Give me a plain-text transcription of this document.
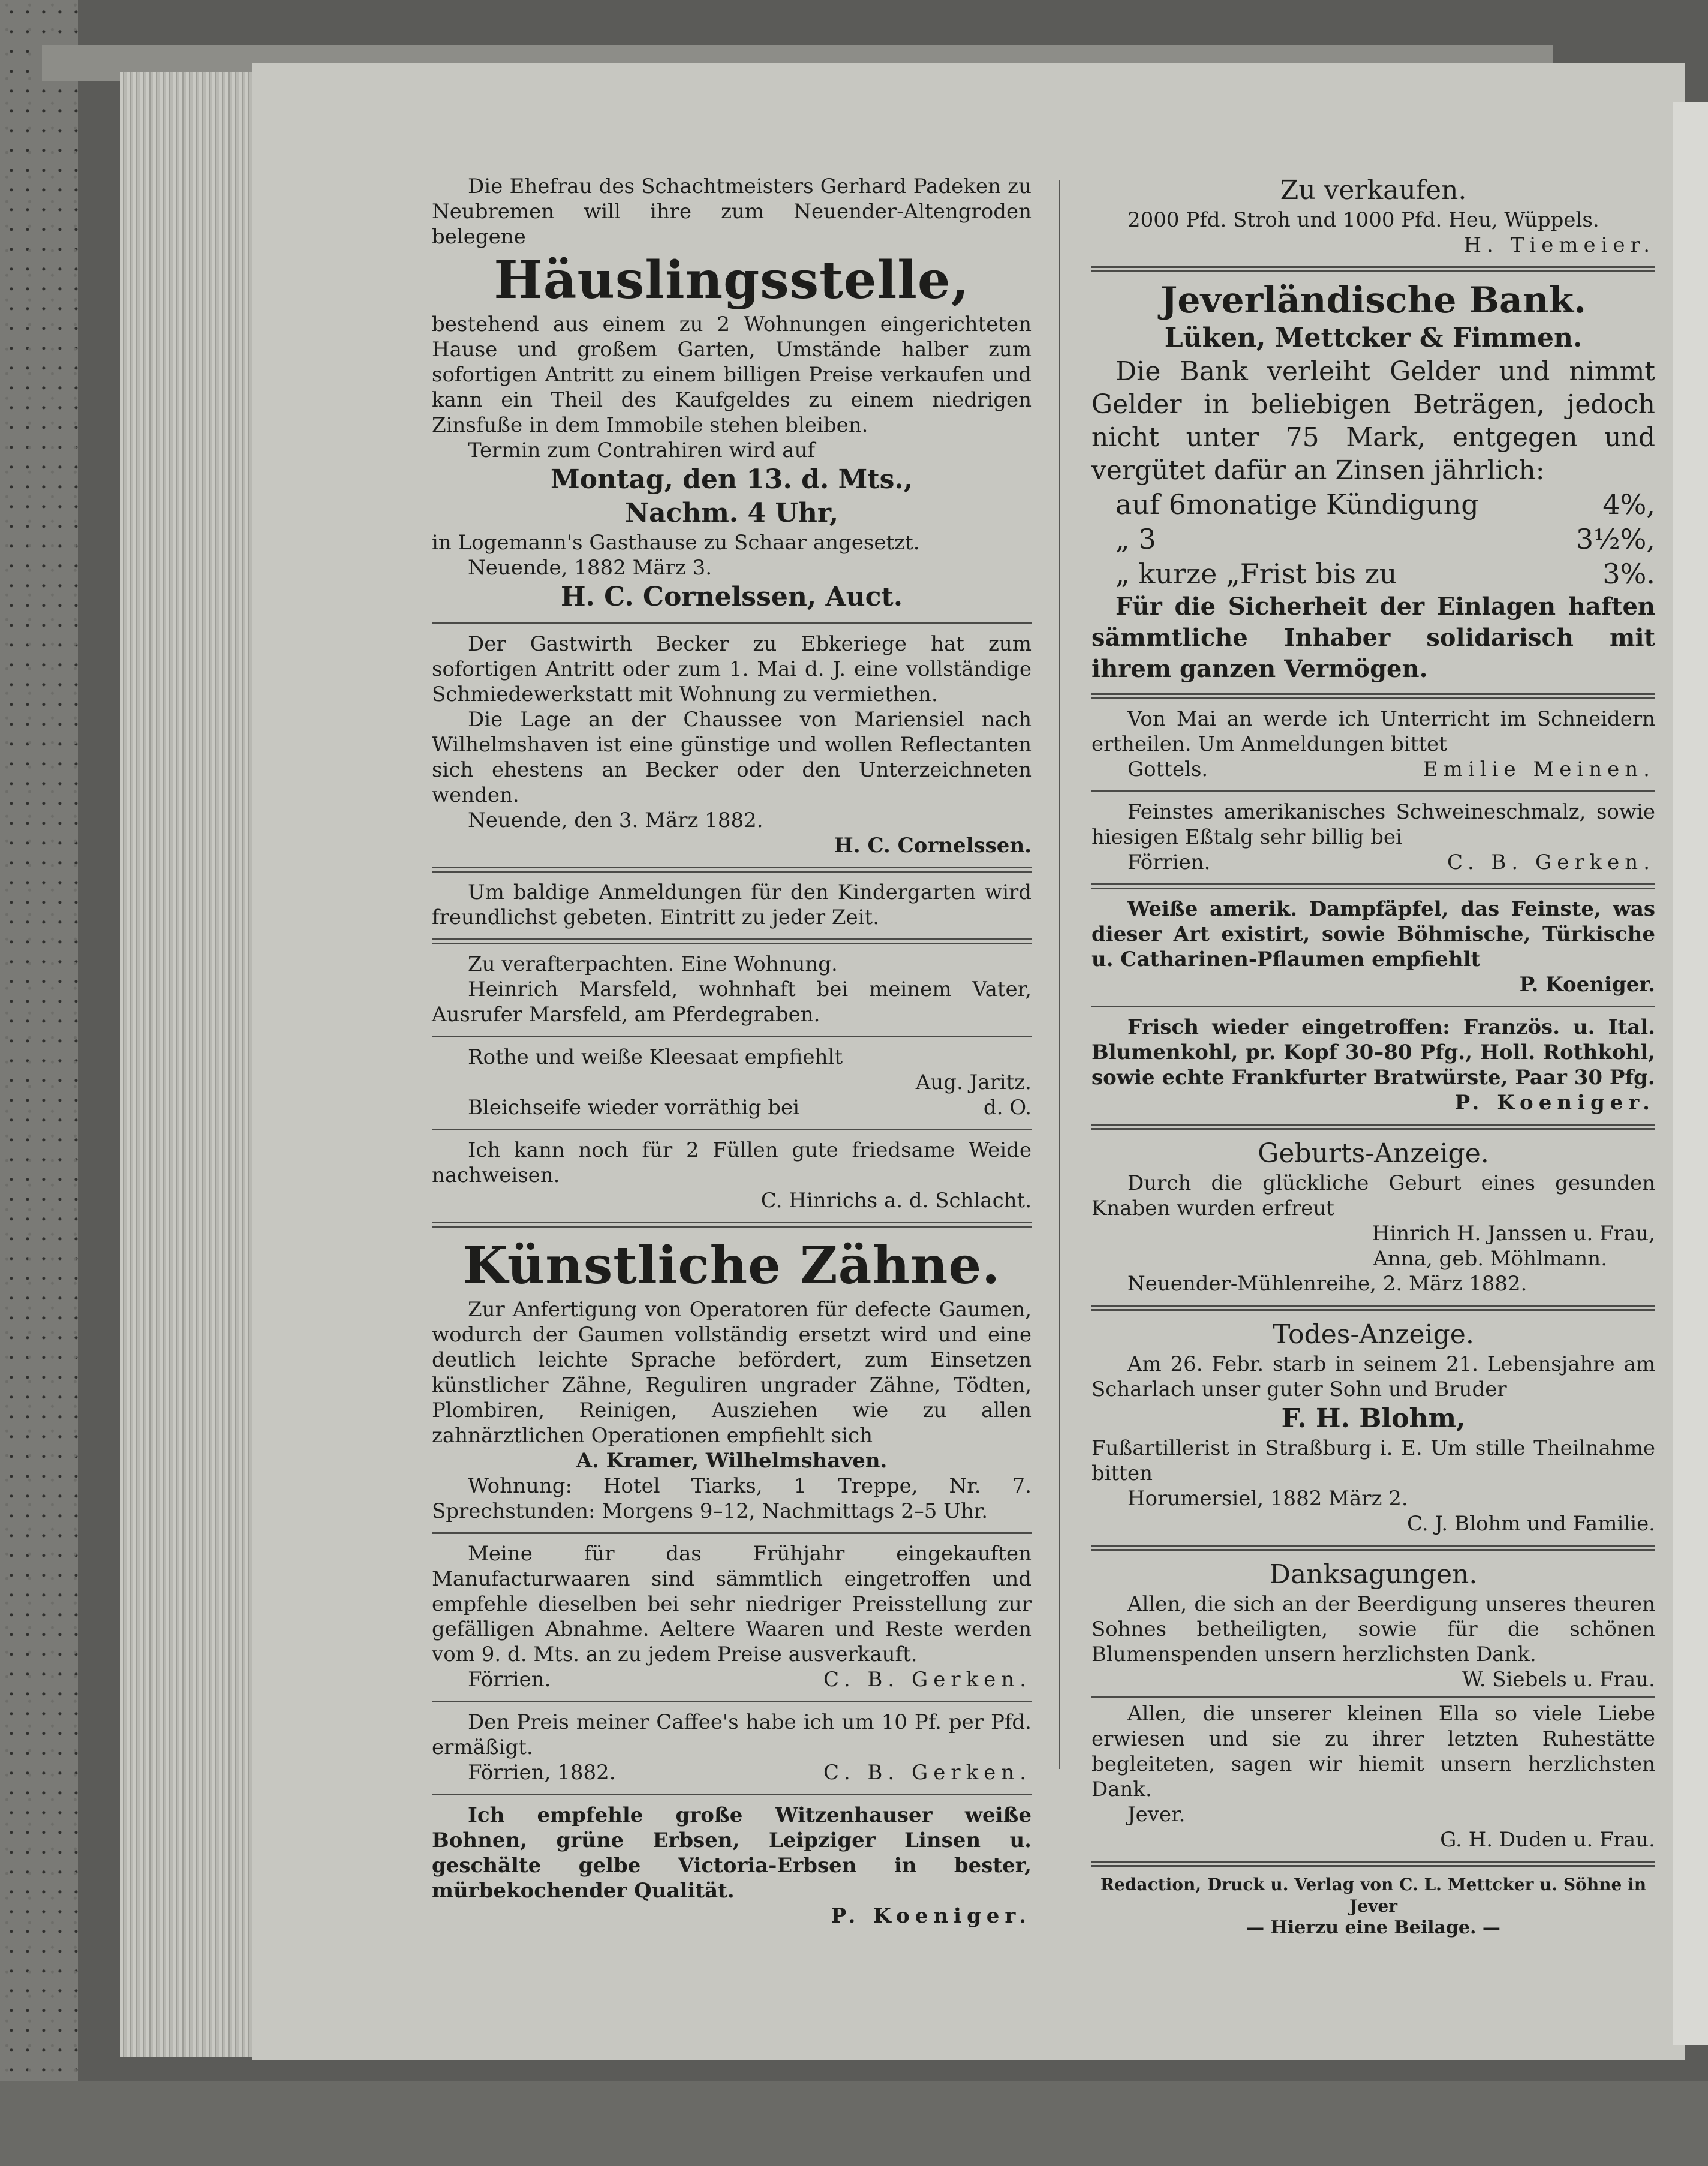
Die Ehefrau des Schachtmeisters Gerhard Padeken zu Neubremen will ihre zum Neuender-Altengroden belegene

Häuslingsstelle,

bestehend aus einem zu 2 Wohnungen eingerichteten Hause und großem Garten, Umstände halber zum sofortigen Antritt zu einem billigen Preise verkaufen und kann ein Theil des Kaufgeldes zu einem niedrigen Zinsfuße in dem Immobile stehen bleiben.

Termin zum Contrahiren wird auf

Montag, den 13. d. Mts.,
Nachm. 4 Uhr,

in Logemann's Gasthause zu Schaar angesetzt.

Neuende, 1882 März 3.

H. C. Cornelssen, Auct.

Der Gastwirth Becker zu Ebkeriege hat zum sofortigen Antritt oder zum 1. Mai d. J. eine vollständige Schmiedewerkstatt mit Wohnung zu vermiethen.

Die Lage an der Chaussee von Mariensiel nach Wilhelmshaven ist eine günstige und wollen Reflectanten sich ehestens an Becker oder den Unterzeichneten wenden.

Neuende, den 3. März 1882.

H. C. Cornelssen.

Um baldige Anmeldungen für den Kindergarten wird freundlichst gebeten. Eintritt zu jeder Zeit.

Zu verafterpachten. Eine Wohnung.

Heinrich Marsfeld, wohnhaft bei meinem Vater, Ausrufer Marsfeld, am Pferdegraben.

Rothe und weiße Kleesaat empfiehlt

Aug. Jaritz.

Bleichseife wieder vorräthig bei	d. O.

Ich kann noch für 2 Füllen gute friedsame Weide nachweisen.

C. Hinrichs a. d. Schlacht.

Künstliche Zähne.

Zur Anfertigung von Operatoren für defecte Gaumen, wodurch der Gaumen vollständig ersetzt wird und eine deutlich leichte Sprache befördert, zum Einsetzen künstlicher Zähne, Reguliren ungrader Zähne, Tödten, Plombiren, Reinigen, Ausziehen wie zu allen zahnärztlichen Operationen empfiehlt sich

A. Kramer, Wilhelmshaven.

Wohnung: Hotel Tiarks, 1 Treppe, Nr. 7. Sprechstunden: Morgens 9–12, Nachmittags 2–5 Uhr.

Meine für das Frühjahr eingekauften Manufacturwaaren sind sämmtlich eingetroffen und empfehle dieselben bei sehr niedriger Preisstellung zur gefälligen Abnahme. Aeltere Waaren und Reste werden vom 9. d. Mts. an zu jedem Preise ausverkauft.

Förrien.	C. B. Gerken.

Den Preis meiner Caffee's habe ich um 10 Pf. per Pfd. ermäßigt.

Förrien, 1882.	C. B. Gerken.

Ich empfehle große Witzenhauser weiße Bohnen, grüne Erbsen, Leipziger Linsen u. geschälte gelbe Victoria-Erbsen in bester, mürbekochender Qualität.

P. Koeniger.

Zu verkaufen.

2000 Pfd. Stroh und 1000 Pfd. Heu, Wüppels.

H. Tiemeier.

Jeverländische Bank.
Lüken, Mettcker & Fimmen.

Die Bank verleiht Gelder und nimmt Gelder in beliebigen Beträgen, jedoch nicht unter 75 Mark, entgegen und vergütet dafür an Zinsen jährlich:

auf 6monatige Kündigung	4%,
„ 3	3½%,
„ kurze „Frist bis zu	3%.

Für die Sicherheit der Einlagen haften sämmtliche Inhaber solidarisch mit ihrem ganzen Vermögen.

Von Mai an werde ich Unterricht im Schneidern ertheilen. Um Anmeldungen bittet

Gottels.	Emilie Meinen.

Feinstes amerikanisches Schweineschmalz, sowie hiesigen Eßtalg sehr billig bei

Förrien.	C. B. Gerken.

Weiße amerik. Dampfäpfel, das Feinste, was dieser Art existirt, sowie Böhmische, Türkische u. Catharinen-Pflaumen empfiehlt

P. Koeniger.

Frisch wieder eingetroffen: Französ. u. Ital. Blumenkohl, pr. Kopf 30–80 Pfg., Holl. Rothkohl, sowie echte Frankfurter Bratwürste, Paar 30 Pfg.

P. Koeniger.

Geburts-Anzeige.

Durch die glückliche Geburt eines gesunden Knaben wurden erfreut

Hinrich H. Janssen u. Frau,

Anna, geb. Möhlmann.

Neuender-Mühlenreihe, 2. März 1882.

Todes-Anzeige.

Am 26. Febr. starb in seinem 21. Lebensjahre am Scharlach unser guter Sohn und Bruder

F. H. Blohm,

Fußartillerist in Straßburg i. E. Um stille Theilnahme bitten

Horumersiel, 1882 März 2.

C. J. Blohm und Familie.

Danksagungen.

Allen, die sich an der Beerdigung unseres theuren Sohnes betheiligten, sowie für die schönen Blumenspenden unsern herzlichsten Dank.

W. Siebels u. Frau.

Allen, die unserer kleinen Ella so viele Liebe erwiesen und sie zu ihrer letzten Ruhestätte begleiteten, sagen wir hiemit unsern herzlichsten Dank.

Jever.

G. H. Duden u. Frau.

Redaction, Druck u. Verlag von C. L. Mettcker u. Söhne in Jever
— Hierzu eine Beilage. —
